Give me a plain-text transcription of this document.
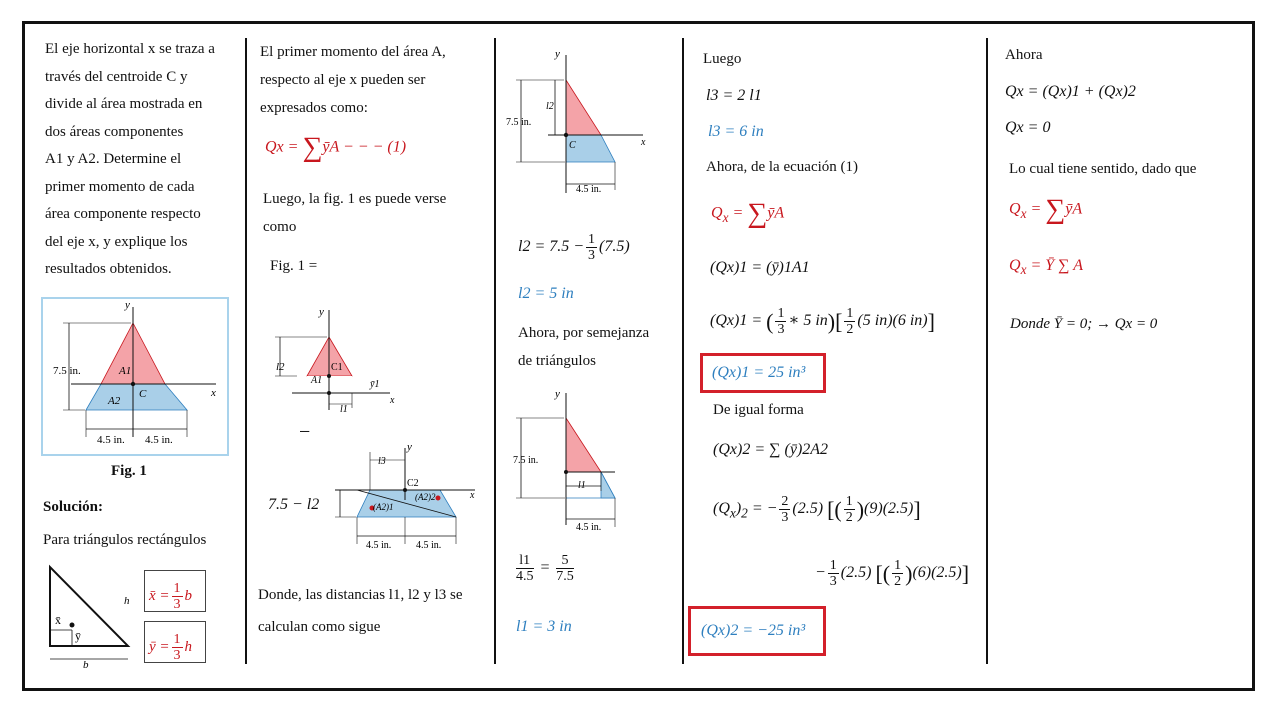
El eje horizontal x se traza a
través del centroide C y
divide al área mostrada en
dos áreas componentes
A1 y A2. Determine el
primer momento de cada
área componente respecto
del eje x, y explique los
resultados obtenidos.
y
x
7.5 in.	A1
A2
C
4.5 in. 4.5 in.
Fig. 1
Solución:
Para triángulos rectángulos
h
b
x̄
ȳ
x̄ = $\frac{1}{3}$ b
ȳ = $\frac{1}{3}$ h
El primer momento del área A,
respecto al eje x pueden ser
expresados como:
Qx = ∑ȳA − − − (1)
Luego, la fig. 1 es puede verse
como
Fig. 1 =
y
x
l2	C1
A1	ȳ1
l1
−
y
x
l3
C2
(A2)2
(A2)1
4.5 in. 4.5 in.
7.5 − l2
Donde, las distancias l1, l2 y l3 se
calculan como sigue
y
x
7.5 in.
l2
C
4.5 in.
$l2 = 7.5 - \frac{1}{3} (7.5)$
l2 = 5 in
Ahora, por semejanza
de triángulos
y
7.5 in.
l1
4.5 in.
$\frac{l1}{4.5} = \frac{5}{7.5}$
l1 = 3 in
Luego
l3 = 2 l1
l3 = 6 in
Ahora, de la ecuación (1)
$Q_x$ = ∑ȳA
(Qx)1 = (ȳ)1A1
(Qx)1 = ( $\frac{1}{3}$ ∗ 5 $in)[ \frac{1}{2} (5$ in)(6 in)]
(Qx)1 = 25 in³
De igual forma
(Qx)2 = ∑ (ȳ)2A2
$(Q_x)_2$ = − $\frac{2}{3} (2.5)$ [( $\frac{1}{2} )(9)(2.5)$]
− $\frac{1}{3} (2.5)$ [( $\frac{1}{2} )(6)(2.5)$]
(Qx)2 = −25 in³
Ahora
Qx = (Qx)1 + (Qx)2
Qx = 0
Lo cual tiene sentido, dado que
$Q_x$ = ∑ȳA
$Q_x$ = Ȳ ∑ A
Donde Ȳ = 0; → Qx = 0
